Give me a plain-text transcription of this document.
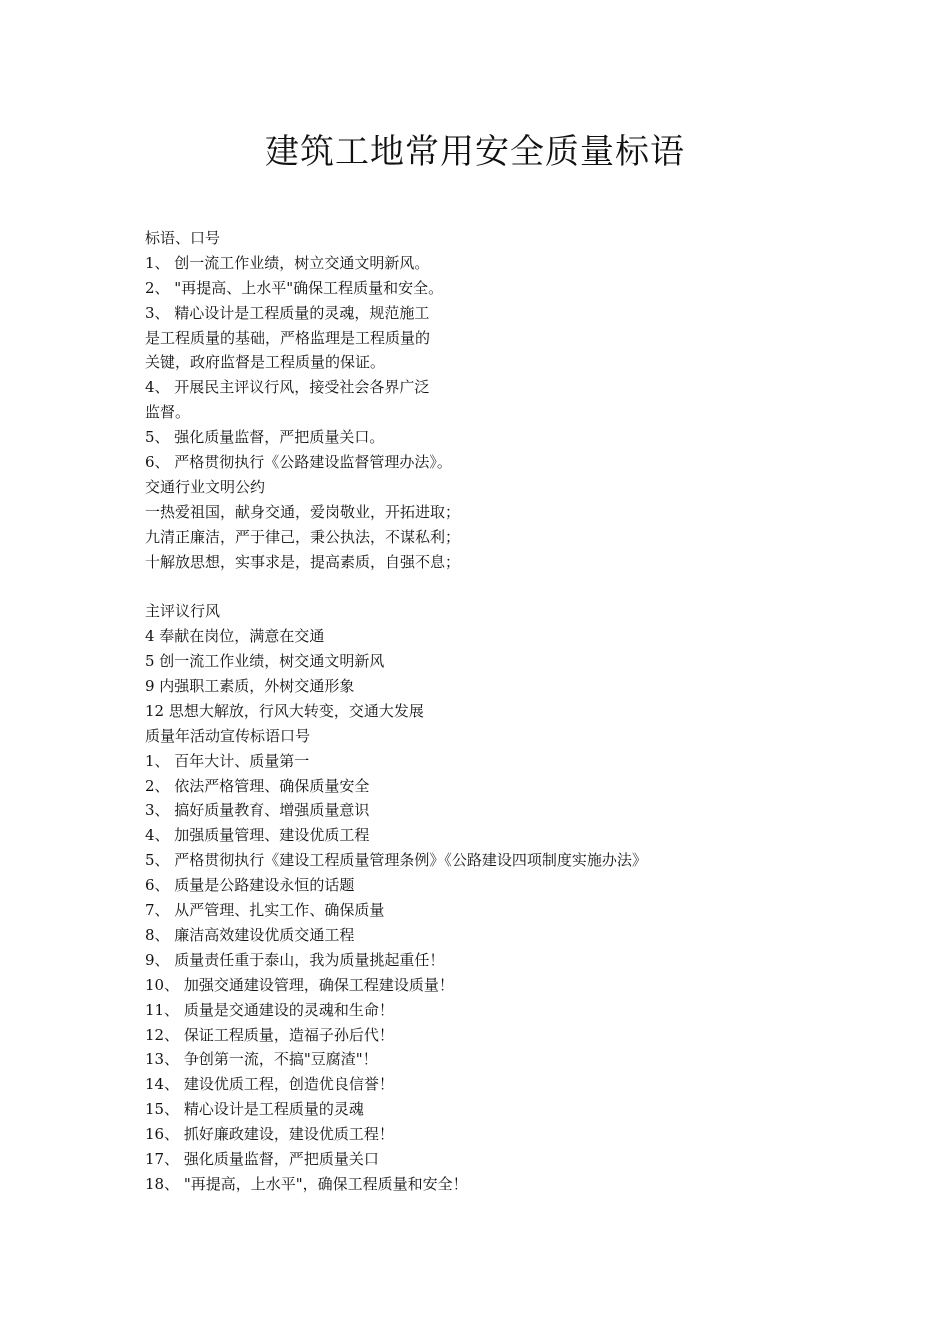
建筑工地常用安全质量标语
标语、口号
1、 创一流工作业绩，树立交通文明新风。
2、 "再提高、上水平"确保工程质量和安全。
3、 精心设计是工程质量的灵魂，规范施工
是工程质量的基础，严格监理是工程质量的
关键，政府监督是工程质量的保证。
4、 开展民主评议行风，接受社会各界广泛
监督。
5、 强化质量监督，严把质量关口。
6、 严格贯彻执行《公路建设监督管理办法》。
交通行业文明公约
一热爱祖国，献身交通，爱岗敬业，开拓进取；
九清正廉洁，严于律己，秉公执法，不谋私利；
十解放思想，实事求是，提高素质，自强不息；
主评议行风
4 奉献在岗位，满意在交通
5 创一流工作业绩，树交通文明新风
9 内强职工素质，外树交通形象
12 思想大解放，行风大转变，交通大发展
质量年活动宣传标语口号
1、 百年大计、质量第一
2、 依法严格管理、确保质量安全
3、 搞好质量教育、增强质量意识
4、 加强质量管理、建设优质工程
5、 严格贯彻执行《建设工程质量管理条例》《公路建设四项制度实施办法》
6、 质量是公路建设永恒的话题
7、 从严管理、扎实工作、确保质量
8、 廉洁高效建设优质交通工程
9、 质量责任重于泰山，我为质量挑起重任！
10、 加强交通建设管理，确保工程建设质量！
11、 质量是交通建设的灵魂和生命！
12、 保证工程质量，造福子孙后代！
13、 争创第一流，不搞"豆腐渣"！
14、 建设优质工程，创造优良信誉！
15、 精心设计是工程质量的灵魂
16、 抓好廉政建设，建设优质工程！
17、 强化质量监督，严把质量关口
18、 "再提高，上水平"，确保工程质量和安全！
